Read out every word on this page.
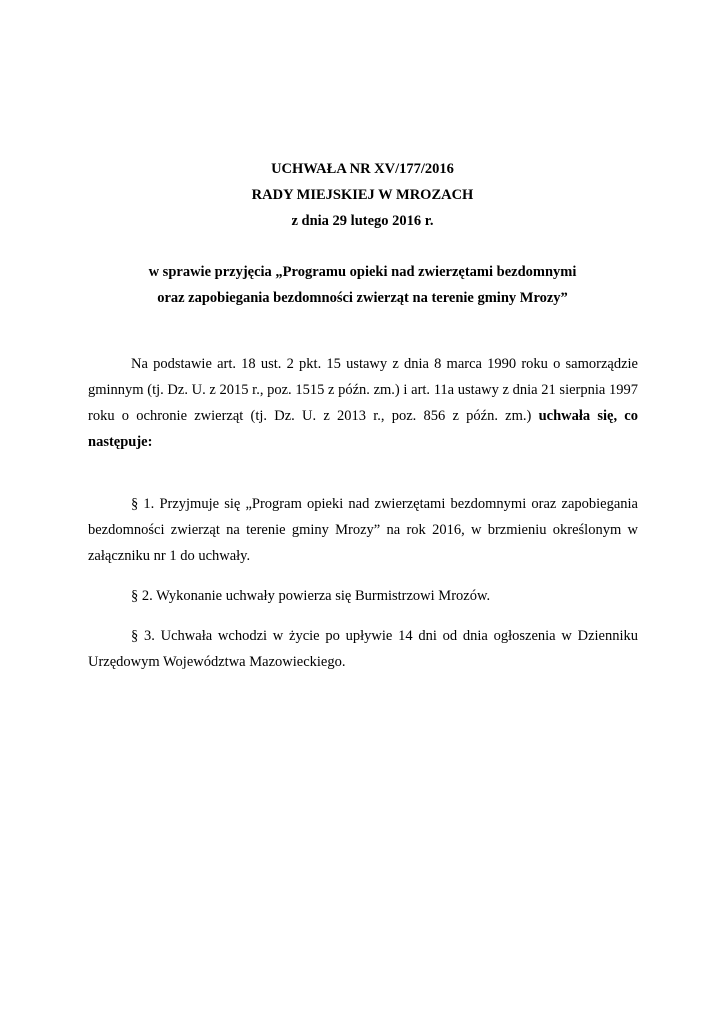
UCHWAŁA NR XV/177/2016
RADY MIEJSKIEJ W MROZACH
z dnia 29 lutego 2016 r.
w sprawie przyjęcia „Programu opieki nad zwierzętami bezdomnymi
oraz zapobiegania bezdomności zwierząt na terenie gminy Mrozy”

Na podstawie art. 18 ust. 2 pkt. 15 ustawy z dnia 8 marca 1990 roku o samorządzie gminnym (tj. Dz. U. z 2015 r., poz. 1515 z późn. zm.) i art. 11a ustawy z dnia 21 sierpnia 1997 roku o ochronie zwierząt (tj. Dz. U. z 2013 r., poz. 856 z późn. zm.) uchwała się, co następuje:

§ 1. Przyjmuje się „Program opieki nad zwierzętami bezdomnymi oraz zapobiegania bezdomności zwierząt na terenie gminy Mrozy” na rok 2016, w brzmieniu określonym w załączniku nr 1 do uchwały.

§ 2. Wykonanie uchwały powierza się Burmistrzowi Mrozów.

§ 3. Uchwała wchodzi w życie po upływie 14 dni od dnia ogłoszenia w Dzienniku Urzędowym Województwa Mazowieckiego.
